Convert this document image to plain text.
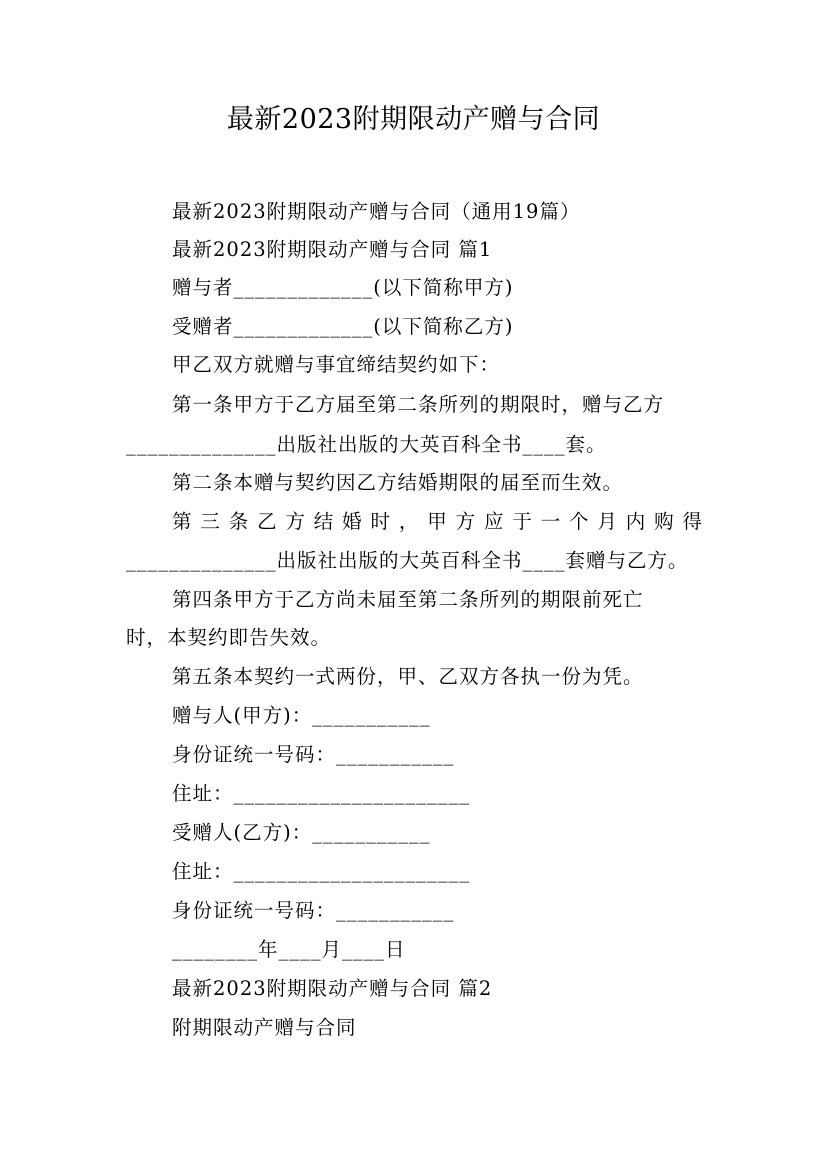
最新2023附期限动产赠与合同
最新2023附期限动产赠与合同（通用19篇）
最新2023附期限动产赠与合同 篇1
赠与者_____________(以下简称甲方)
受赠者_____________(以下简称乙方)
甲乙双方就赠与事宜缔结契约如下：
第一条甲方于乙方届至第二条所列的期限时，赠与乙方
______________出版社出版的大英百科全书____套。
第二条本赠与契约因乙方结婚期限的届至而生效。
第 三 条 乙 方 结 婚 时 ， 甲 方 应 于 一 个 月 内 购 得
______________出版社出版的大英百科全书____套赠与乙方。
第四条甲方于乙方尚未届至第二条所列的期限前死亡
时，本契约即告失效。
第五条本契约一式两份，甲、乙双方各执一份为凭。
赠与人(甲方)：___________
身份证统一号码：___________
住址：______________________
受赠人(乙方)：___________
住址：______________________
身份证统一号码：___________
________年____月____日
最新2023附期限动产赠与合同 篇2
附期限动产赠与合同
